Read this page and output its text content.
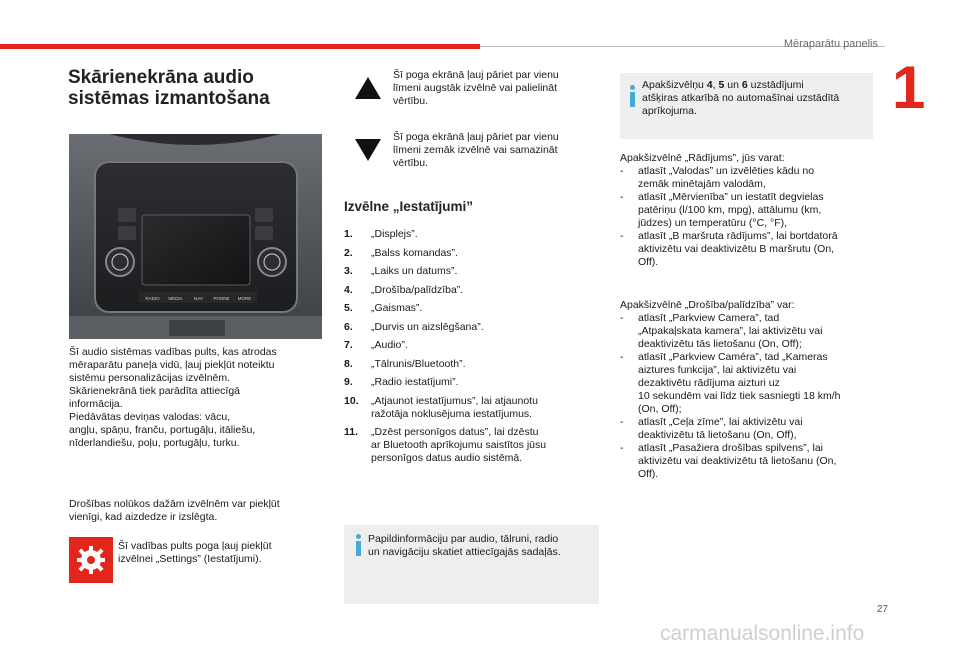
Mēraparātu panelis
1
Skārienekrāna audio
sistēmas izmantošana
RADIO MEDIA	NAV PHONE MORE
Šī audio sistēmas vadības pults, kas atrodas
mēraparātu paneļa vidū, ļauj piekļūt noteiktu
sistēmu personalizācijas izvēlnēm.
Skārienekrānā tiek parādīta attiecīgā
informācija.
Piedāvātas deviņas valodas: vācu,
angļu, spāņu, franču, portugāļu, itāliešu,
nīderlandiešu, poļu, portugāļu, turku.
Drošības nolūkos dažām izvēlnēm var piekļūt
vienīgi, kad aizdedze ir izslēgta.
Šī vadības pults poga ļauj piekļūt
izvēlnei „Settings” (Iestatījumi).
Šī poga ekrānā ļauj pāriet par vienu
līmeni augstāk izvēlnē vai palielināt
vērtību.
Šī poga ekrānā ļauj pāriet par vienu
līmeni zemāk izvēlnē vai samazināt
vērtību.
Izvēlne „Iestatījumi”
1.	„Displejs”.
2.	„Balss komandas”.
3.	„Laiks un datums”.
4.	„Drošība/palīdzība”.
5.	„Gaismas”.
6.	„Durvis un aizslēgšana”.
7.	„Audio”.
8.	„Tālrunis/Bluetooth”.
9.	„Radio iestatījumi”.
10.	„Atjaunot iestatījumus”, lai atjaunotu
ražotāja noklusējuma iestatījumus.
11.	„Dzēst personīgos datus”, lai dzēstu
ar Bluetooth aprīkojumu saistītos jūsu
personīgos datus audio sistēmā.
Papildinformāciju par audio, tālruni, radio
un navigāciju skatiet attiecīgajās sadaļās.
Apakšizvēlņu 4, 5 un 6 uzstādījumi
atšķiras atkarībā no automašīnai uzstādītā
aprīkojuma.
Apakšizvēlnē „Rādījums”, jūs varat:
-	atlasīt „Valodas” un izvēlēties kādu no
zemāk minētajām valodām,
-	atlasīt „Mērvienība” un iestatīt degvielas
patēriņu (l/100 km, mpg), attālumu (km,
jūdzes) un temperatūru (°C, °F),
-	atlasīt „B maršruta rādījums”, lai bortdatorā
aktivizētu vai deaktivizētu B maršrutu (On,
Off).
Apakšizvēlnē „Drošība/palīdzība” var:
-	atlasīt „Parkview Camera”, tad
„Atpakaļskata kamera”, lai aktivizētu vai
deaktivizētu tās lietošanu (On, Off);
-	atlasīt „Parkview Caméra”, tad „Kameras
aiztures funkcija”, lai aktivizētu vai
dezaktivētu rādījuma aizturi uz
10 sekundēm vai līdz tiek sasniegti 18 km/h
(On, Off);
-	atlasīt „Ceļa zīme”, lai aktivizētu vai
deaktivizētu tā lietošanu (On, Off),
-	atlasīt „Pasažiera drošības spilvens”, lai
aktivizētu vai deaktivizētu tā lietošanu (On,
Off).
27
carmanualsonline.info
